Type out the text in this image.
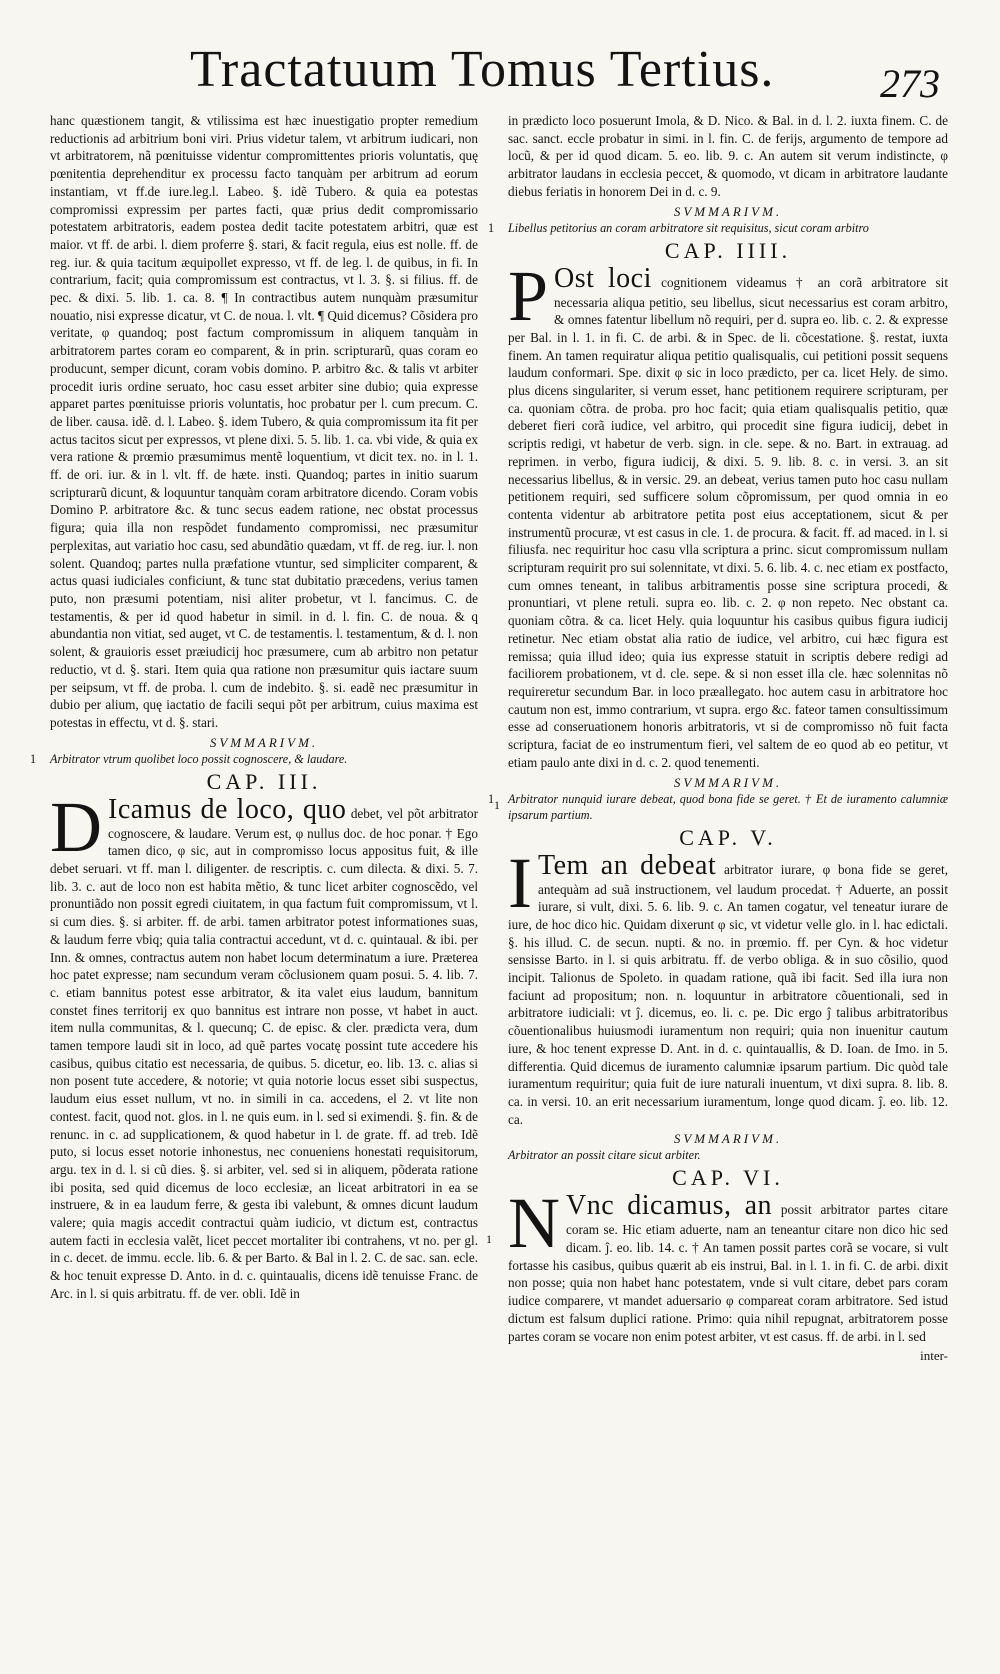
Tractatuum Tomus Tertius.	273

hanc quæstionem tangit, & vtilissima est hæc inuestigatio propter remedium reductionis ad arbitrium boni viri. Prius videtur talem, vt arbitrum iudicari, non vt arbitratorem, nã pœnituisse videntur compromittentes prioris voluntatis, quę pœnitentia deprehenditur ex processu facto tanquàm per arbitrum ad eorum instantiam, vt ff.de iure.leg.l. Labeo. §. idẽ Tubero. & quia ea potestas compromissi expressim per partes facti, quæ prius dedit compromissario potestatem arbitratoris, eadem postea dedit tacite potestatem arbitri, quæ est maior. vt ff. de arbi. l. diem proferre §. stari, & facit regula, eius est nolle. ff. de reg. iur. & quia tacitum æquipollet expresso, vt ff. de leg. l. de quibus, in fi. In contrarium, facit; quia compromissum est contractus, vt l. 3. §. si filius. ff. de pec. & dixi. 5. lib. 1. ca. 8. ¶ In contractibus autem nunquàm præsumitur nouatio, nisi expresse dicatur, vt C. de noua. l. vlt. ¶ Quid dicemus? Cõsidera pro veritate, φ quandoq; post factum compromissum in aliquem tanquàm in arbitratorem partes coram eo comparent, & in prin. scripturarũ, quas coram eo producunt, semper dicunt, coram vobis domino. P. arbitro &c. & talis vt arbiter procedit iuris ordine seruato, hoc casu esset arbiter sine dubio; quia expresse apparet partes pœnituisse prioris voluntatis, hoc probatur per l. cum precum. C. de liber. causa. idẽ. d. l. Labeo. §. idem Tubero, & quia compromissum ita fit per actus tacitos sicut per expressos, vt plene dixi. 5. 5. lib. 1. ca. vbi vide, & quia ex vera ratione & prœmio præsumimus mentẽ loquentium, vt dicit tex. no. in l. 1. ff. de ori. iur. & in l. vlt. ff. de hæte. insti. Quandoq; partes in initio suarum scripturarũ dicunt, & loquuntur tanquàm coram arbitratore dicendo. Coram vobis Domino P. arbitratore &c. & tunc secus eadem ratione, nec obstat processus figura; quia illa non respõdet fundamento compromissi, nec præsumitur perplexitas, aut variatio hoc casu, sed abundãtio quædam, vt ff. de reg. iur. l. non solent. Quandoq; partes nulla præfatione vtuntur, sed simpliciter comparent, & actus quasi iudiciales conficiunt, & tunc stat dubitatio præcedens, verius tamen puto, non præsumi potentiam, nisi aliter probetur, vt l. fancimus. C. de testamentis, & per id quod habetur in simil. in d. l. fin. C. de noua. & q abundantia non vitiat, sed auget, vt C. de testamentis. l. testamentum, & d. l. non solent, & grauioris esset præiudicij hoc præsumere, cum ab arbitro non petatur reductio, vt d. §. stari. Item quia qua ratione non præsumitur quis iactare suum per seipsum, vt ff. de proba. l. cum de indebito. §. si. eadẽ nec præsumitur in dubio per alium, quę iactatio de facili sequi põt per arbitrum, cuius maxima est potestas in effectu, vt d. §. stari.

SVMMARIVM.
1 Arbitrator vtrum quolibet loco possit cognoscere, & laudare.
CAP. III.

D Icamus de loco, quo debet, vel põt arbitrator cognoscere, & laudare. Verum est, φ nullus doc. de hoc ponar. † Ego tamen dico, φ sic, aut in compromisso locus appositus fuit, & ille debet seruari. vt ff. man l. diligenter. de rescriptis. c. cum dilecta. & dixi. 5. 7. lib. 3. c. aut de loco non est habita mẽtio, & tunc licet arbiter cognoscẽdo, vel pronuntiãdo non possit egredi ciuitatem, in qua factum fuit compromissum, vt l. si cum dies. §. si arbiter. ff. de arbi. tamen arbitrator potest informationes suas, & laudum ferre vbiq; quia talia contractui accedunt, vt d. c. quintaual. & ibi. per Inn. & omnes, contractus autem non habet locum determinatum a iure. Præterea hoc patet expresse; nam secundum veram cõclusionem quam posui. 5. 4. lib. 7. c. etiam bannitus potest esse arbitrator, & ita valet eius laudum, bannitum constet fines territorij ex quo bannitus est intrare non posse, vt habet in auct. item nulla communitas, & l. quecunq; C. de episc. & cler. prædicta vera, dum tamen tempore laudi sit in loco, ad quẽ partes vocatę possint tute accedere his casibus, quibus citatio est necessaria, de quibus. 5. dicetur, eo. lib. 13. c. alias si non posent tute accedere, & notorie; vt quia notorie locus esset sibi suspectus, laudum eius esset nullum, vt no. in simili in ca. accedens, el 2. vt lite non contest. facit, quod not. glos. in l. ne quis eum. in l. sed si eximendi. §. fin. & de renunc. in c. ad supplicationem, & quod habetur in l. de grate. ff. ad treb. Idẽ puto, si locus esset notorie inhonestus, nec conueniens honestati requisitorum, argu. tex in d. l. si cũ dies. §. si arbiter, vel. sed si in aliquem, põderata ratione ibi posita, sed quid dicemus de loco ecclesiæ, an liceat arbitratori in ea se instruere, & in ea laudum ferre, & gesta ibi valebunt, & omnes dicunt laudum valere; quia magis accedit contractui quàm iudicio, vt dictum est, contractus autem facti in ecclesia valẽt, licet peccet mortaliter ibi contrahens, vt no. per gl. in c. decet. de immu. eccle. lib. 6. & per Barto. & Bal in l. 2. C. de sac. san. ecle. & hoc tenuit expresse D. Anto. in d. c. quintaualis, dicens idẽ tenuisse Franc. de Arc. in l. si quis arbitratu. ff. de ver. obli. Idẽ in
1

in prædicto loco posuerunt Imola, & D. Nico. & Bal. in d. l. 2. iuxta finem. C. de sac. sanct. eccle probatur in simi. in l. fin. C. de ferijs, argumento de tempore ad locũ, & per id quod dicam. 5. eo. lib. 9. c. An autem sit verum indistincte, φ arbitrator laudans in ecclesia peccet, & quomodo, vt dicam in arbitratore laudante diebus feriatis in honorem Dei in d. c. 9.

SVMMARIVM.
1 Libellus petitorius an coram arbitratore sit requisitus, sicut coram arbitro
CAP. IIII.

P Ost loci cognitionem videamus † an corã arbitratore sit necessaria aliqua petitio, seu libellus, sicut necessarius est coram arbitro, & omnes fatentur libellum nõ requiri, per d. supra eo. lib. c. 2. & expresse per Bal. in l. 1. in fi. C. de arbi. & in Spec. de li. cõcestatione. §. restat, iuxta finem. An tamen requiratur aliqua petitio qualisqualis, cui petitioni possit sequens laudum conformari. Spe. dixit φ sic in loco prædicto, per ca. licet Hely. de simo. plus dicens singulariter, si verum esset, hanc petitionem requirere scripturam, per ca. quoniam cõtra. de proba. pro hoc facit; quia etiam qualisqualis petitio, quæ deberet fieri corã iudice, vel arbitro, qui procedit sine figura iudicij, debet in scriptis redigi, vt habetur de verb. sign. in cle. sepe. & no. Bart. in extrauag. ad reprimen. in verbo, figura iudicij, & dixi. 5. 9. lib. 8. c. in versi. 3. an sit necessarius libellus, & in versic. 29. an debeat, verius tamen puto hoc casu nullam petitionem requiri, sed sufficere solum cõpromissum, per quod omnia in eo contenta videntur ab arbitratore petita post eius acceptationem, sicut & per instrumentũ procuræ, vt est casus in cle. 1. de procura. & facit. ff. ad maced. in l. si filiusfa. nec requiritur hoc casu vlla scriptura a princ. sicut compromissum nullam scripturam requirit pro sui solennitate, vt dixi. 5. 6. lib. 4. c. nec etiam ex postfacto, cum omnes teneant, in talibus arbitramentis posse sine scriptura procedi, & pronuntiari, vt plene retuli. supra eo. lib. c. 2. φ non repeto. Nec obstant ca. quoniam cõtra. & ca. licet Hely. quia loquuntur his casibus quibus figura iudicij retinetur. Nec etiam obstat alia ratio de iudice, vel arbitro, cui hæc figura est remissa; quia illud ideo; quia ius expresse statuit in scriptis debere redigi ad faciliorem probationem, vt d. cle. sepe. & si non esset illa cle. hæc solennitas nõ requireretur secundum Bar. in loco præallegato. hoc autem casu in arbitratore hoc cautum non est, immo contrarium, vt supra. ergo &c. fateor tamen consultissimum esse ad conseruationem honoris arbitratoris, vt si de compromisso nõ fuit facta scriptura, faciat de eo instrumentum fieri, vel saltem de eo quod ab eo petitur, vt etiam paulo ante dixi in d. c. 2. quod tenementi.

SVMMARIVM.
1 Arbitrator nunquid iurare debeat, quod bona fide se geret. † Et de iuramento calumniæ ipsarum partium.
CAP. V.

I Tem an debeat arbitrator iurare, φ bona fide se geret, antequàm ad suã instructionem, vel laudum procedat. † Aduerte, an possit iurare, si vult, dixi. 5. 6. lib. 9. c. An tamen cogatur, vel teneatur iurare de iure, de hoc dico hic. Quidam dixerunt φ sic, vt videtur velle glo. in l. hac edictali. §. his illud. C. de secun. nupti. & no. in prœmio. ff. per Cyn. & hoc videtur sensisse Barto. in l. si quis arbitratu. ff. de verbo obliga. & in suo cõsilio, quod incipit. Talionus de Spoleto. in quadam ratione, quã ibi facit. Sed illa iura non faciunt ad propositum; non. n. loquuntur in arbitratore cõuentionali, sed in arbitratore iudiciali: vt ĵ. dicemus, eo. li. c. pe. Dic ergo ĵ talibus arbitratoribus cõuentionalibus huiusmodi iuramentum non requiri; quia non inuenitur cautum iure, & hoc tenent expresse D. Ant. in d. c. quintauallis, & D. Ioan. de Imo. in 5. differentia. Quid dicemus de iuramento calumniæ ipsarum partium. Dic quòd tale iuramentum requiritur; quia fuit de iure naturali inuentum, vt dixi supra. 8. lib. 8. ca. in versi. 10. an erit necessarium iuramentum, longe quod dicam. ĵ. eo. lib. 12. ca.

SVMMARIVM.
Arbitrator an possit citare sicut arbiter.
CAP. VI.

N Vnc dicamus, an possit arbitrator partes citare coram se. Hic etiam aduerte, nam an teneantur citare non dico hic sed dicam. ĵ. eo. lib. 14. c. † An tamen possit partes corã se vocare, si vult fortasse his casibus, quibus quærit ab eis instrui, Bal. in l. 1. in fi. C. de arbi. dixit non posse; quia non habet hanc potestatem, vnde si vult citare, debet pars coram iudice comparere, vt mandet aduersario φ compareat coram arbitratore. Sed istud dictum est falsum duplici ratione. Primo: quia nihil repugnat, arbitratorem posse partes coram se vocare non enim potest arbiter, vt est casus. ff. de arbi. in l. sed
1

inter-
